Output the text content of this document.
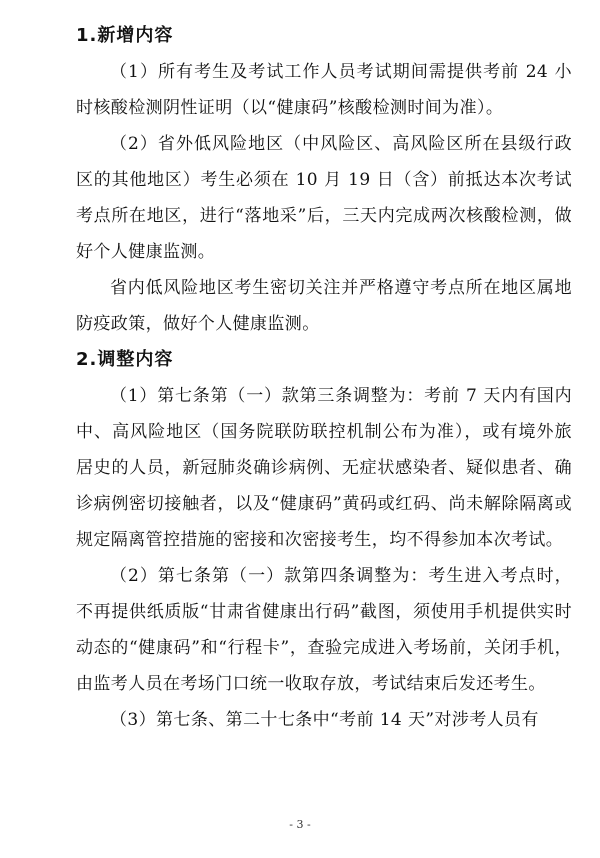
1.新增内容

（1）所有考生及考试工作人员考试期间需提供考前 24 小时核酸检测阴性证明（以“健康码”核酸检测时间为准）。

（2）省外低风险地区（中风险区、高风险区所在县级行政区的其他地区）考生必须在 10 月 19 日（含）前抵达本次考试考点所在地区，进行“落地采”后，三天内完成两次核酸检测，做好个人健康监测。

省内低风险地区考生密切关注并严格遵守考点所在地区属地防疫政策，做好个人健康监测。

2.调整内容

（1）第七条第（一）款第三条调整为：考前 7 天内有国内中、高风险地区（国务院联防联控机制公布为准），或有境外旅居史的人员，新冠肺炎确诊病例、无症状感染者、疑似患者、确诊病例密切接触者，以及“健康码”黄码或红码、尚未解除隔离或规定隔离管控措施的密接和次密接考生，均不得参加本次考试。

（2）第七条第（一）款第四条调整为：考生进入考点时，不再提供纸质版“甘肃省健康出行码”截图，须使用手机提供实时动态的“健康码”和“行程卡”，查验完成进入考场前，关闭手机，由监考人员在考场门口统一收取存放，考试结束后发还考生。

（3）第七条、第二十七条中“考前 14 天”对涉考人员有

- 3 -
